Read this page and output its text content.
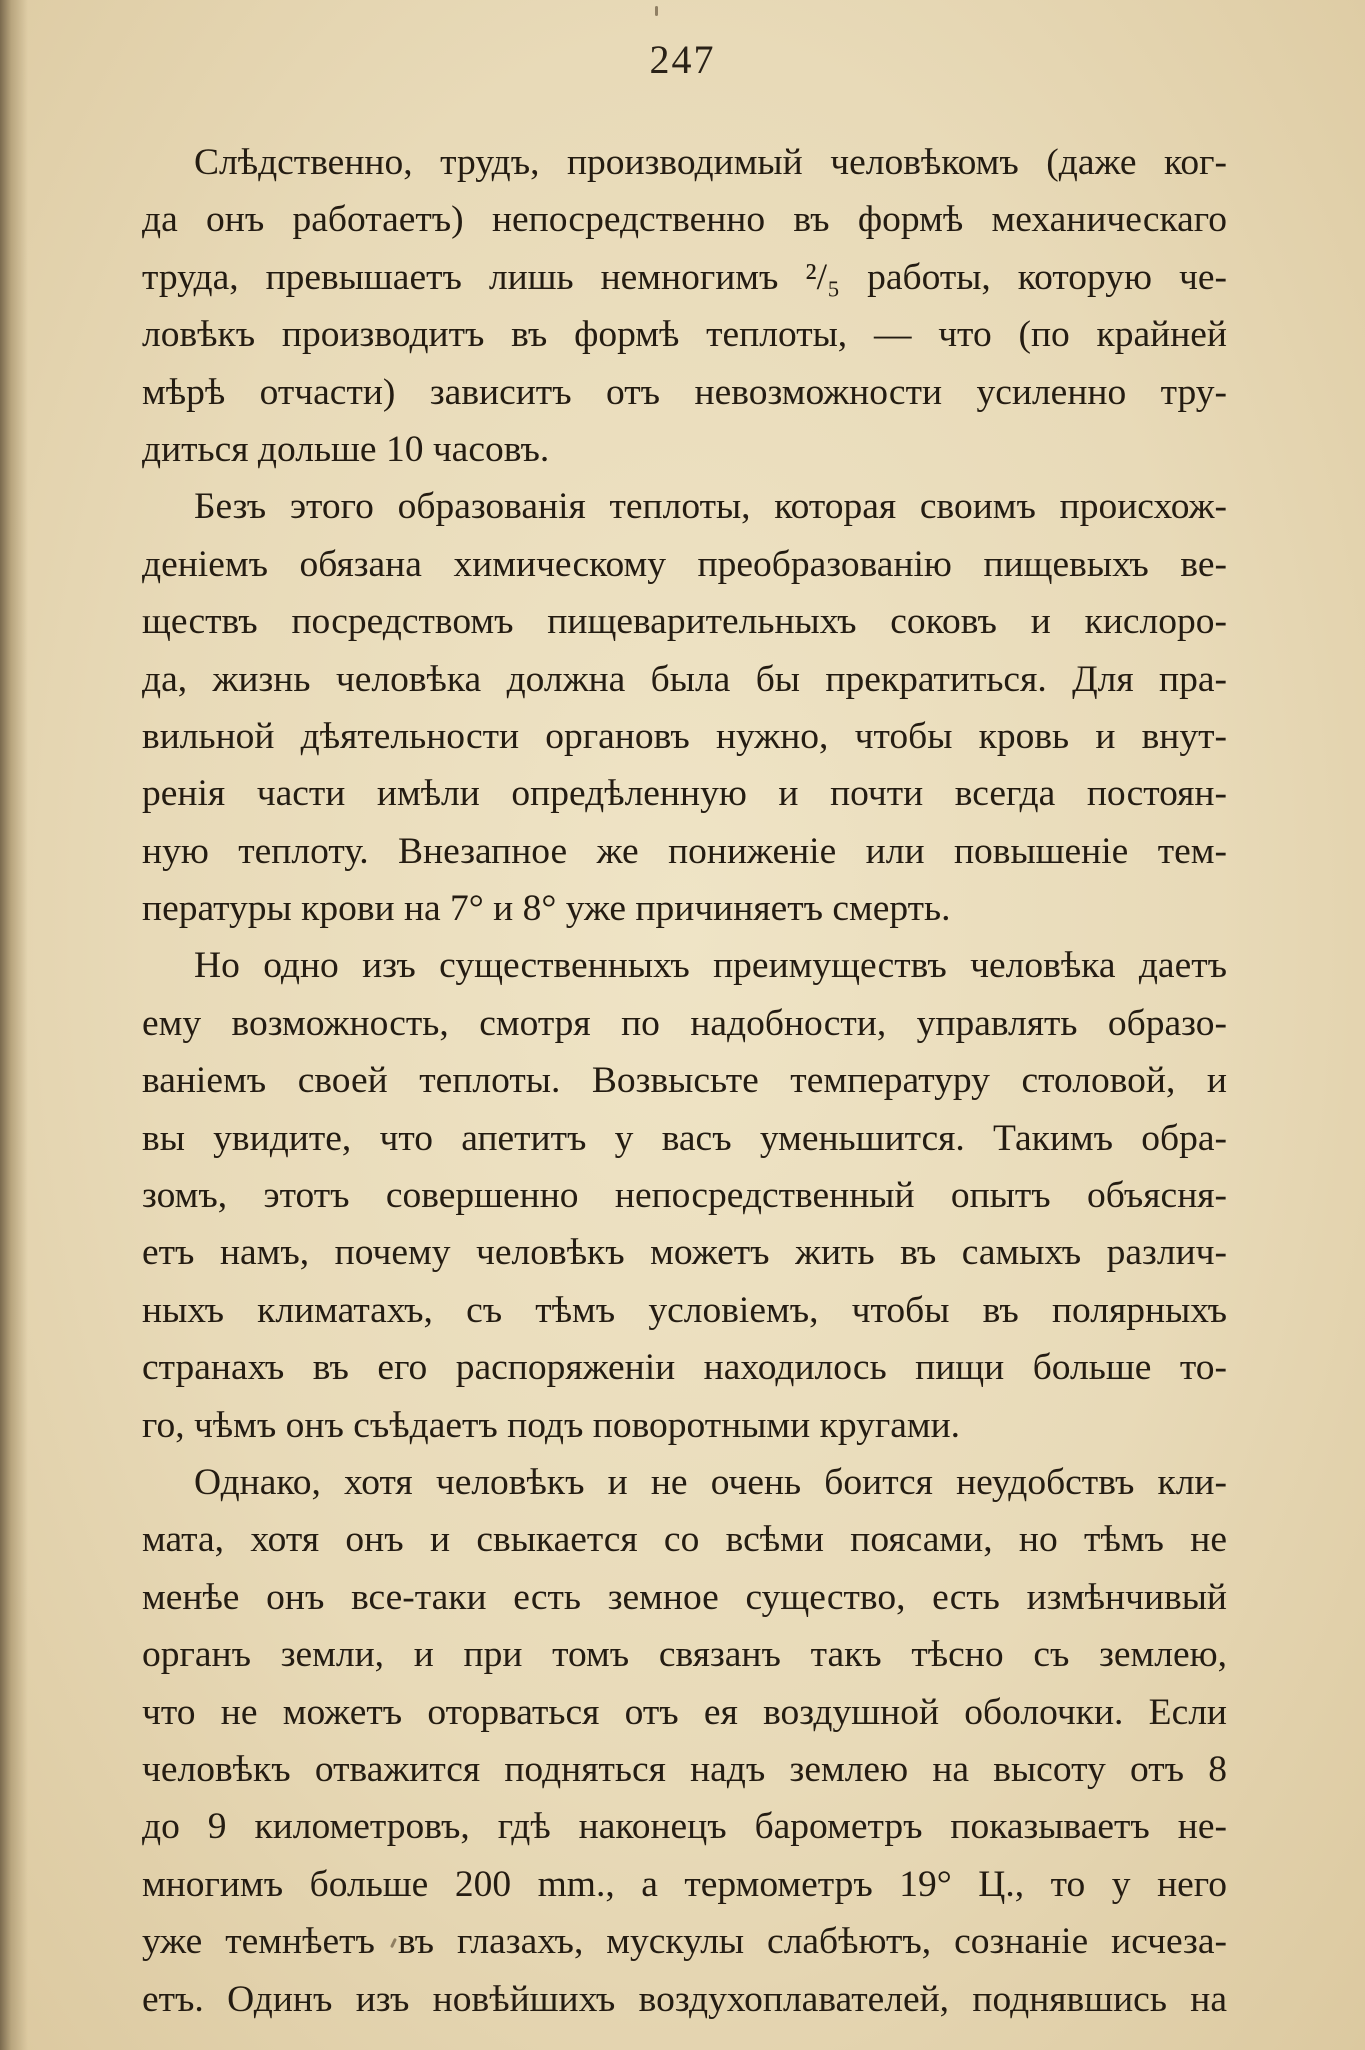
247

Слѣдственно, трудъ, производимый человѣкомъ (даже ког-
да онъ работаетъ) непосредственно въ формѣ механическаго
труда, превышаетъ лишь немногимъ ²/₅ работы, которую че-
ловѣкъ производитъ въ формѣ теплоты, — что (по крайней
мѣрѣ отчасти) зависитъ отъ невозможности усиленно тру-
диться дольше 10 часовъ.

Безъ этого образованія теплоты, которая своимъ происхож-
деніемъ обязана химическому преобразованію пищевыхъ ве-
ществъ посредствомъ пищеварительныхъ соковъ и кислоро-
да, жизнь человѣка должна была бы прекратиться. Для пра-
вильной дѣятельности органовъ нужно, чтобы кровь и внут-
ренія части имѣли опредѣленную и почти всегда постоян-
ную теплоту. Внезапное же пониженіе или повышеніе тем-
пературы крови на 7° и 8° уже причиняетъ смерть.

Но одно изъ существенныхъ преимуществъ человѣка даетъ
ему возможность, смотря по надобности, управлять образо-
ваніемъ своей теплоты. Возвысьте температуру столовой, и
вы увидите, что апетитъ у васъ уменьшится. Такимъ обра-
зомъ, этотъ совершенно непосредственный опытъ объясня-
етъ намъ, почему человѣкъ можетъ жить въ самыхъ различ-
ныхъ климатахъ, съ тѣмъ условіемъ, чтобы въ полярныхъ
странахъ въ его распоряженіи находилось пищи больше то-
го, чѣмъ онъ съѣдаетъ подъ поворотными кругами.

Однако, хотя человѣкъ и не очень боится неудобствъ кли-
мата, хотя онъ и свыкается со всѣми поясами, но тѣмъ не
менѣе онъ все-таки есть земное существо, есть измѣнчивый
органъ земли, и при томъ связанъ такъ тѣсно съ землею,
что не можетъ оторваться отъ ея воздушной оболочки. Если
человѣкъ отважится подняться надъ землею на высоту отъ 8
до 9 километровъ, гдѣ наконецъ барометръ показываетъ не-
многимъ больше 200 mm., а термометръ 19° Ц., то у него
уже темнѣетъ въ глазахъ, мускулы слабѣютъ, сознаніе исчеза-
етъ. Одинъ изъ новѣйшихъ воздухоплавателей, поднявшись на
